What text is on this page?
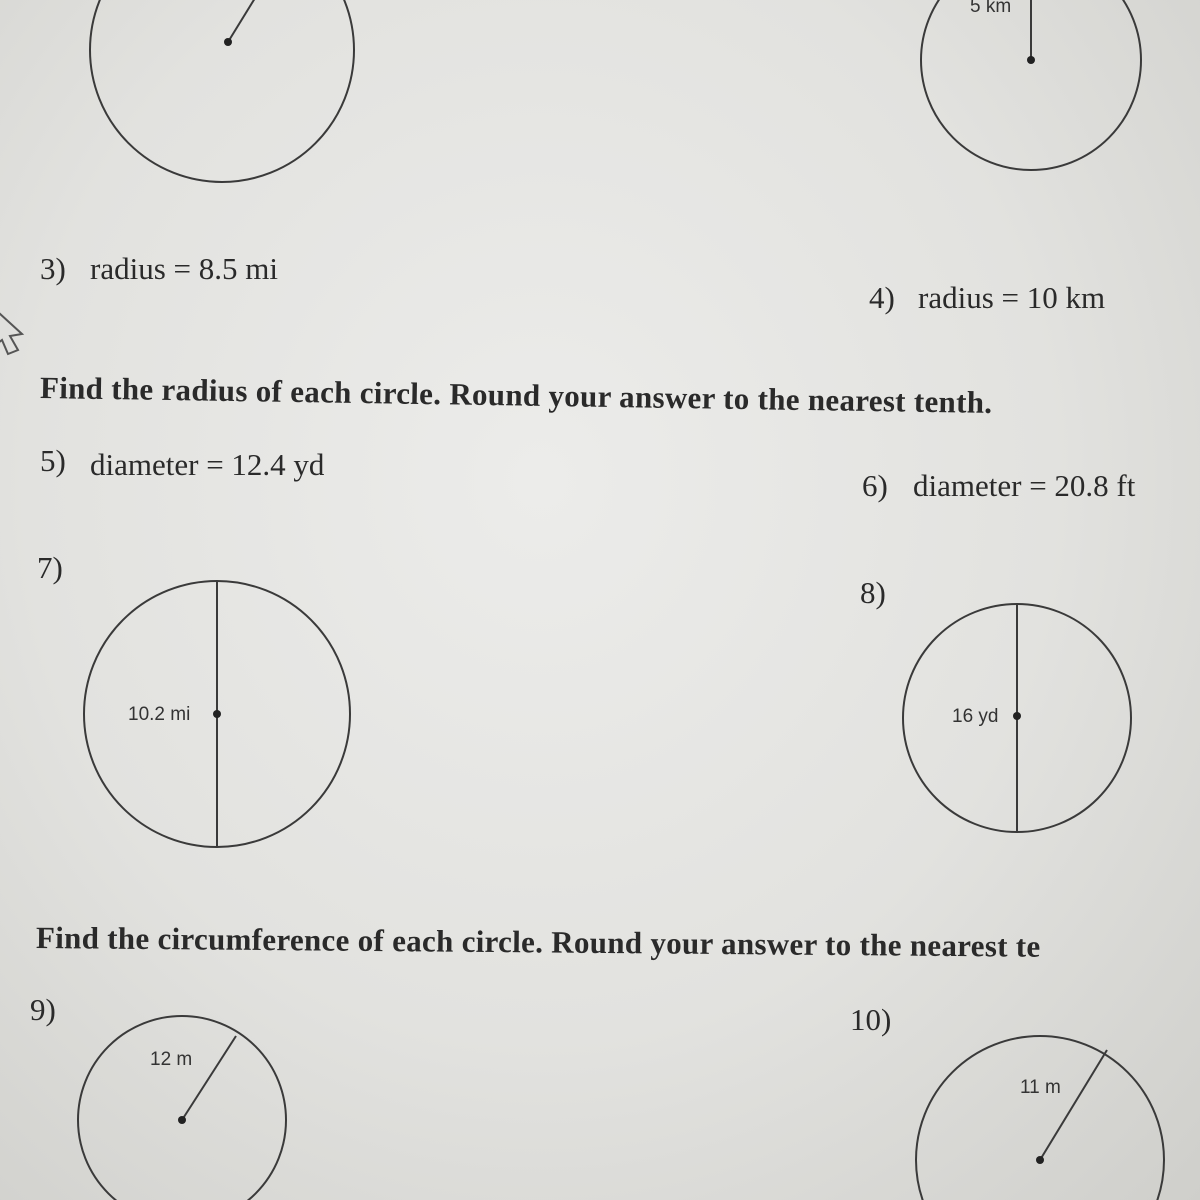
5 km
3) radius = 8.5 mi
4) radius = 10 km
Find the radius of each circle. Round your answer to the nearest tenth.
5) diameter = 12.4 yd
6) diameter = 20.8 ft
7)
10.2 mi
8)
16 yd
Find the circumference of each circle. Round your answer to the nearest te
9)
12 m
10)
11 m
